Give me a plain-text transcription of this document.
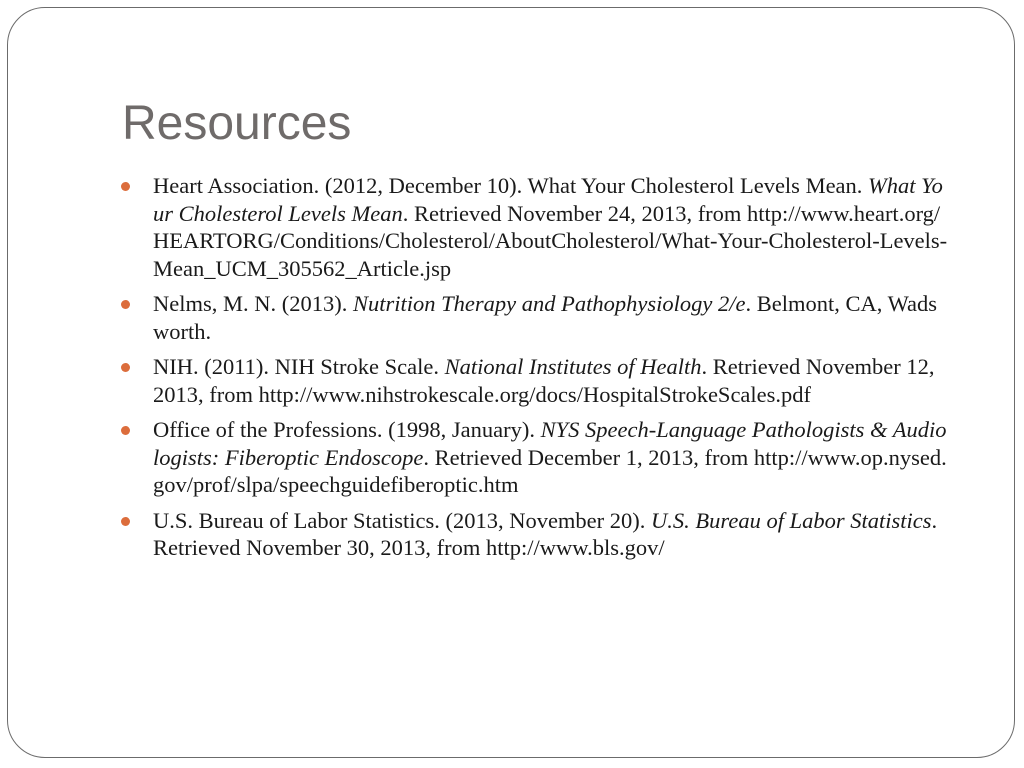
Resources
Heart Association. (2012, December 10). What Your Cholesterol Levels Mean. What Your Cholesterol Levels Mean. Retrieved November 24, 2013, from http://www.heart.org/HEARTORG/Conditions/Cholesterol/AboutCholesterol/What-Your-Cholesterol-Levels-Mean_UCM_305562_Article.jsp
Nelms, M. N. (2013). Nutrition Therapy and Pathophysiology 2/e. Belmont, CA, Wadsworth.
NIH. (2011). NIH Stroke Scale. National Institutes of Health. Retrieved November 12, 2013, from http://www.nihstrokescale.org/docs/HospitalStrokeScales.pdf
Office of the Professions. (1998, January). NYS Speech-Language Pathologists & Audiologists: Fiberoptic Endoscope. Retrieved December 1, 2013, from http://www.op.nysed.gov/prof/slpa/speechguidefiberoptic.htm
U.S. Bureau of Labor Statistics. (2013, November 20). U.S. Bureau of Labor Statistics. Retrieved November 30, 2013, from http://www.bls.gov/
